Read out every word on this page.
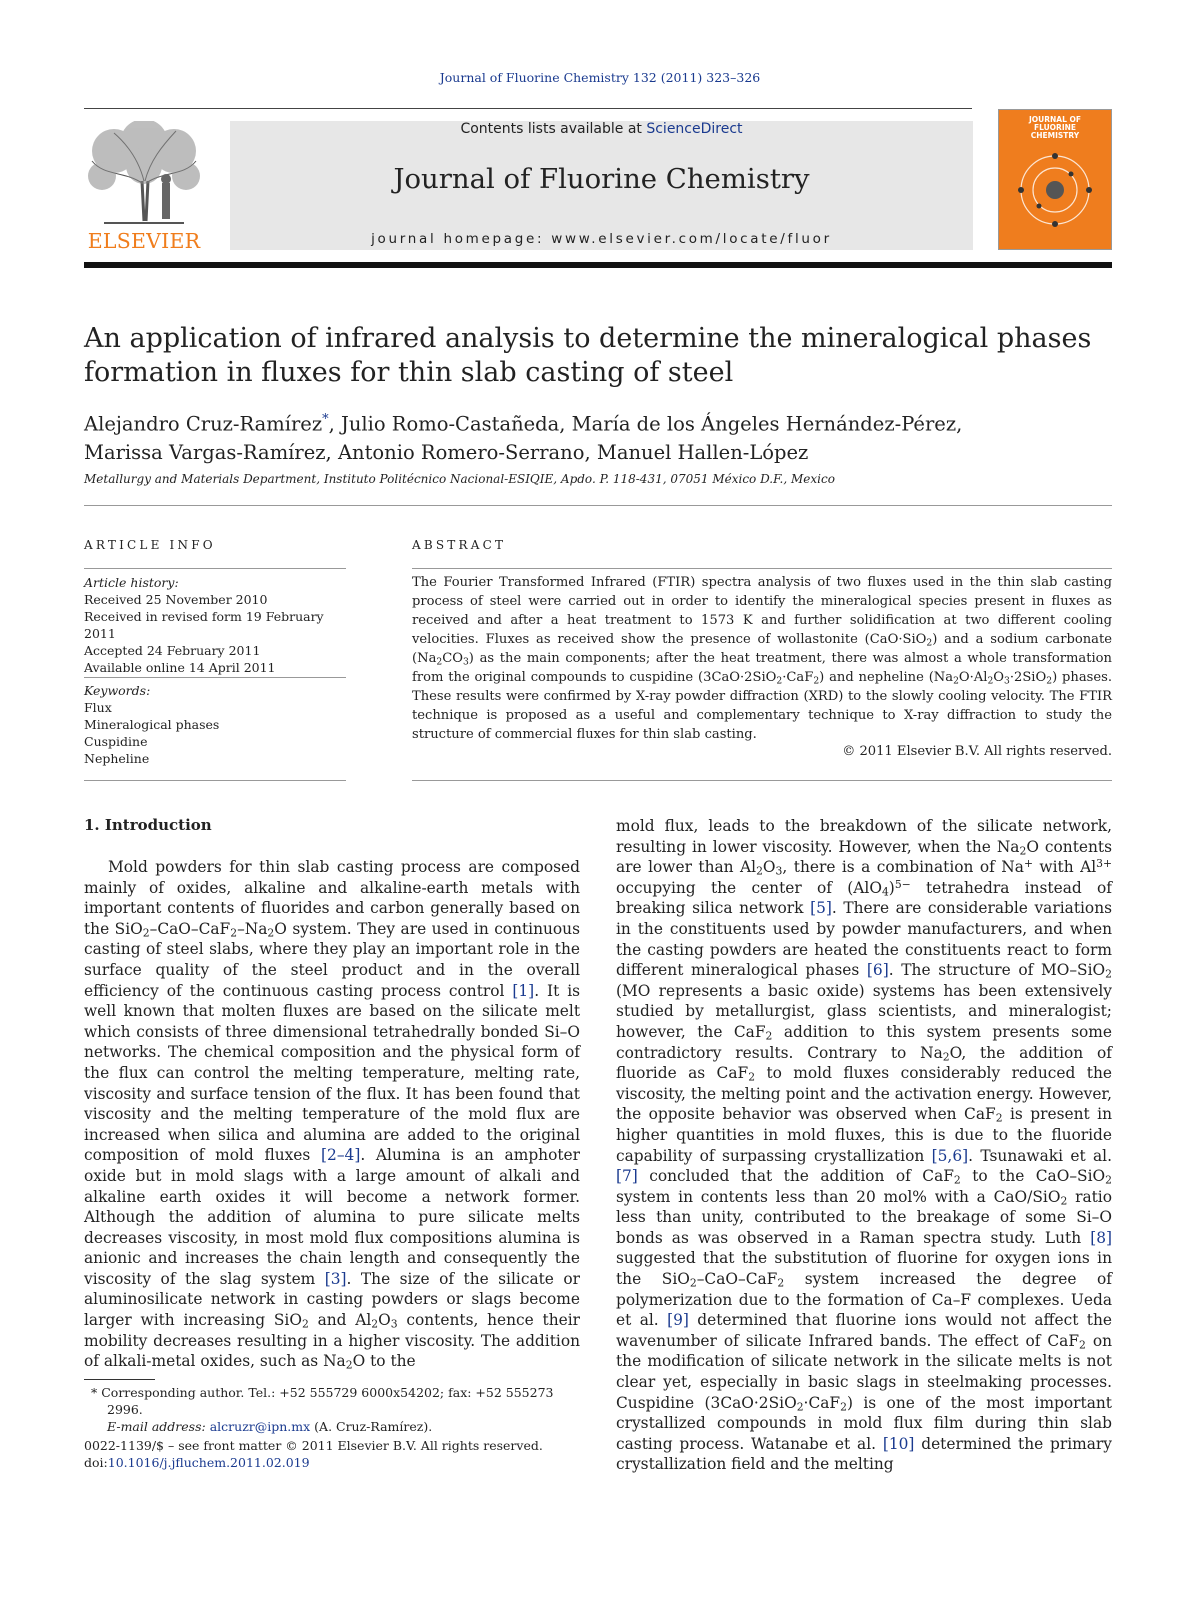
Journal of Fluorine Chemistry 132 (2011) 323–326
ELSEVIER
Contents lists available at ScienceDirect
Journal of Fluorine Chemistry
journal homepage: www.elsevier.com/locate/fluor
JOURNAL OF
FLUORINE
CHEMISTRY
An application of infrared analysis to determine the mineralogical phases
formation in fluxes for thin slab casting of steel
Alejandro Cruz-Ramírez*, Julio Romo-Castañeda, María de los Ángeles Hernández-Pérez,
Marissa Vargas-Ramírez, Antonio Romero-Serrano, Manuel Hallen-López
Metallurgy and Materials Department, Instituto Politécnico Nacional-ESIQIE, Apdo. P. 118-431, 07051 México D.F., Mexico
ARTICLE INFO
Article history:
Received 25 November 2010
Received in revised form 19 February 2011
Accepted 24 February 2011
Available online 14 April 2011
Keywords:
Flux
Mineralogical phases
Cuspidine
Nepheline
ABSTRACT
The Fourier Transformed Infrared (FTIR) spectra analysis of two fluxes used in the thin slab casting process of steel were carried out in order to identify the mineralogical species present in fluxes as received and after a heat treatment to 1573 K and further solidification at two different cooling velocities. Fluxes as received show the presence of wollastonite (CaO·SiO$_2$) and a sodium carbonate $(Na_2CO_3)$ as the main components; after the heat treatment, there was almost a whole transformation from the original compounds to cuspidine (3CaO·2SiO$_2$·CaF$_2$) and nepheline $(Na_2O\cdot Al_2O_3\cdot 2SiO_2)$ phases. These results were confirmed by X-ray powder diffraction (XRD) to the slowly cooling velocity. The FTIR technique is proposed as a useful and complementary technique to X-ray diffraction to study the structure of commercial fluxes for thin slab casting.
© 2011 Elsevier B.V. All rights reserved.
1. Introduction
Mold powders for thin slab casting process are composed mainly of oxides, alkaline and alkaline-earth metals with important contents of fluorides and carbon generally based on the $SiO_2-CaO-CaF_2-Na_2O$ system. They are used in continuous casting of steel slabs, where they play an important role in the surface quality of the steel product and in the overall efficiency of the continuous casting process control [1]. It is well known that molten fluxes are based on the silicate melt which consists of three dimensional tetrahedrally bonded Si–O networks. The chemical composition and the physical form of the flux can control the melting temperature, melting rate, viscosity and surface tension of the flux. It has been found that viscosity and the melting temperature of the mold flux are increased when silica and alumina are added to the original composition of mold fluxes [2–4]. Alumina is an amphoter oxide but in mold slags with a large amount of alkali and alkaline earth oxides it will become a network former. Although the addition of alumina to pure silicate melts decreases viscosity, in most mold flux compositions alumina is anionic and increases the chain length and consequently the viscosity of the slag system [3]. The size of the silicate or aluminosilicate network in casting powders or slags become larger with increasing SiO$_2$ and $Al_2O_3$ contents, hence their mobility decreases resulting in a higher viscosity. The addition of alkali-metal oxides, such as $Na_2O$ to the
mold flux, leads to the breakdown of the silicate network, resulting in lower viscosity. However, when the $Na_2O$ contents are lower than $Al_2O_3$, there is a combination of Na+ with $Al^{3+}$ occupying the center of $(AlO_4)^{5-}$ tetrahedra instead of breaking silica network [5]. There are considerable variations in the constituents used by powder manufacturers, and when the casting powders are heated the constituents react to form different mineralogical phases [6]. The structure of MO–SiO$_2$ (MO represents a basic oxide) systems has been extensively studied by metallurgist, glass scientists, and mineralogist; however, the CaF$_2$ addition to this system presents some contradictory results. Contrary to $Na_2O$, the addition of fluoride as CaF$_2$ to mold fluxes considerably reduced the viscosity, the melting point and the activation energy. However, the opposite behavior was observed when CaF$_2$ is present in higher quantities in mold fluxes, this is due to the fluoride capability of surpassing crystallization [5,6]. Tsunawaki et al. [7] concluded that the addition of CaF$_2$ to the CaO–SiO$_2$ system in contents less than 20 mol% with a CaO/SiO$_2$ ratio less than unity, contributed to the breakage of some Si–O bonds as was observed in a Raman spectra study. Luth [8] suggested that the substitution of fluorine for oxygen ions in the SiO$_2$–CaO–CaF$_2$ system increased the degree of polymerization due to the formation of Ca–F complexes. Ueda et al. [9] determined that fluorine ions would not affect the wavenumber of silicate Infrared bands. The effect of CaF$_2$ on the modification of silicate network in the silicate melts is not clear yet, especially in basic slags in steelmaking processes. Cuspidine (3CaO·2SiO$_2$·CaF$_2$) is one of the most important crystallized compounds in mold flux film during thin slab casting process. Watanabe et al. [10] determined the primary crystallization field and the melting
* Corresponding author. Tel.: +52 555729 6000x54202; fax: +52 555273 2996.
E-mail address: alcruzr@ipn.mx (A. Cruz-Ramírez).
0022-1139/$ – see front matter © 2011 Elsevier B.V. All rights reserved.
doi:10.1016/j.jfluchem.2011.02.019
